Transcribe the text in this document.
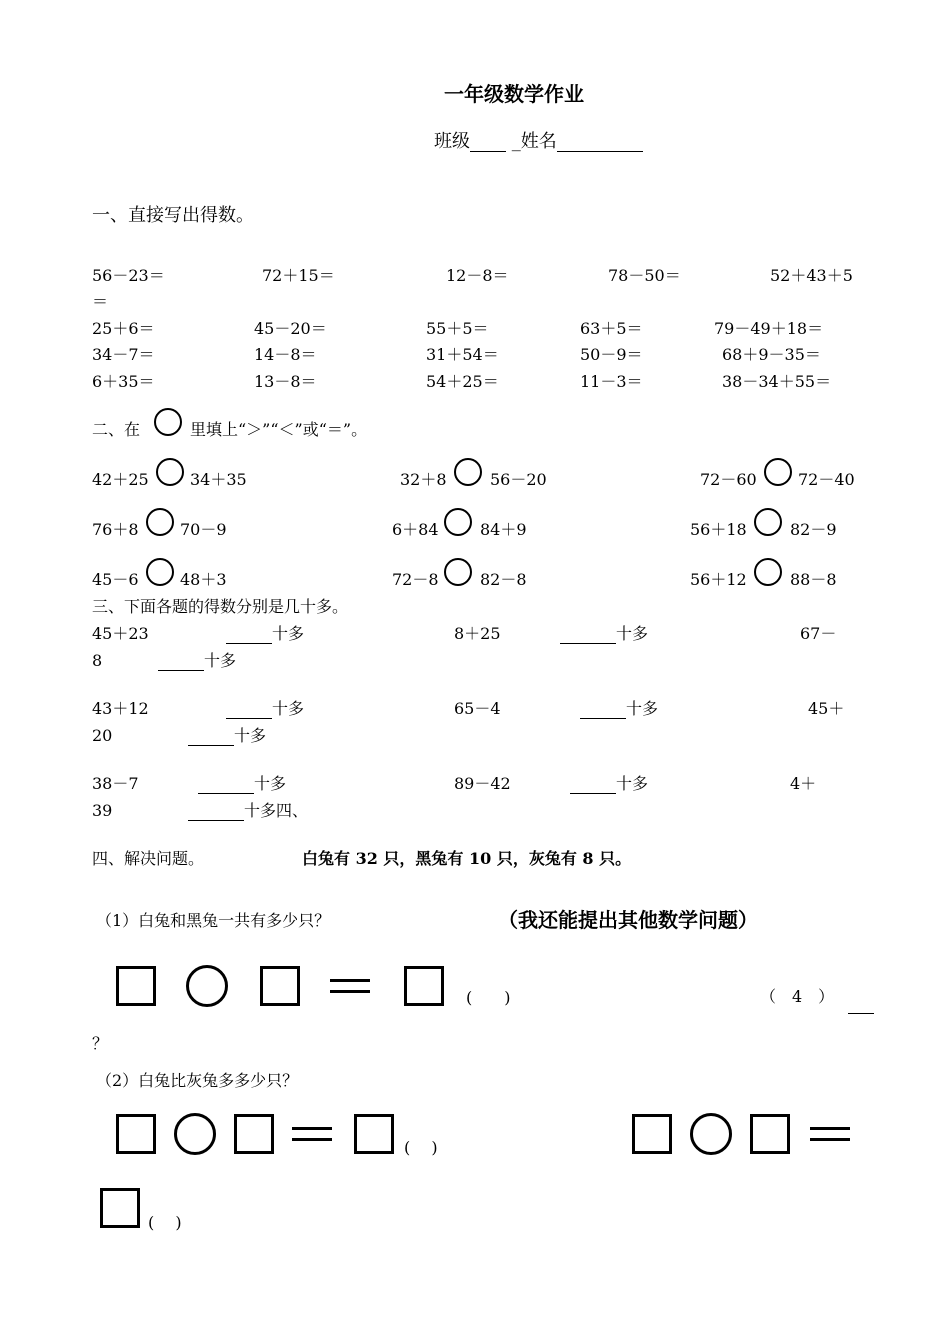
一年级数学作业
班级 _姓名
一、直接写出得数。
56－23＝	72＋15＝	12－8＝	78－50＝	52＋43＋5
＝
25＋6＝	45－20＝	55＋5＝	63＋5＝	79－49＋18＝
34－7＝	14－8＝	31＋54＝	50－9＝	68＋9－35＝
6＋35＝	13－8＝	54＋25＝	11－3＝	38－34＋55＝
二、在	里填上“＞”“＜”或“＝”。
42＋25	34＋35	32＋8	56－20	72－60	72－40
76＋8	70－9	6＋84	84＋9	56＋18	82－9
45－6	48＋3	72－8	82－8	56＋12	88－8
三、下面各题的得数分别是几十多。
45＋23	十多	8＋25	十多	67－
8	十多
43＋12	十多	65－4	十多	45＋
20	十多
38－7	十多	89－42	十多	4＋
39	十多四、
四、解决问题。	白兔有 32 只，黑兔有 10 只，灰兔有 8 只。
（1）白兔和黑兔一共有多少只？	（我还能提出其他数学问题）
(　　)	（　4　）
？
（2）白兔比灰兔多多少只？
( 　)
( 　)
